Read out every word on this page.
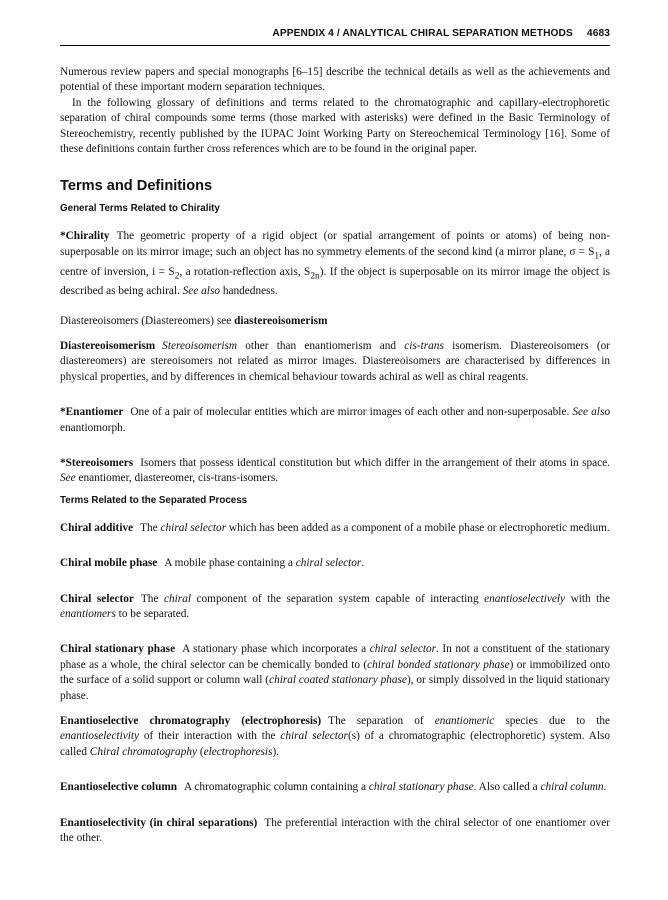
APPENDIX 4 / ANALYTICAL CHIRAL SEPARATION METHODS 4683

Numerous review papers and special monographs [6–15] describe the technical details as well as the achievements and potential of these important modern separation techniques.

In the following glossary of definitions and terms related to the chromatographic and capillary-electrophoretic separation of chiral compounds some terms (those marked with asterisks) were defined in the Basic Terminology of Stereochemistry, recently published by the IUPAC Joint Working Party on Stereochemical Terminology [16]. Some of these definitions contain further cross references which are to be found in the original paper.

Terms and Definitions
General Terms Related to Chirality

*Chirality The geometric property of a rigid object (or spatial arrangement of points or atoms) of being non-superposable on its mirror image; such an object has no symmetry elements of the second kind (a mirror plane, $\sigma = S_1$, a centre of inversion, $i = S_2$, a rotation-reflection axis, $S_{2n}$). If the object is superposable on its mirror image the object is described as being achiral. See also handedness.

Diastereoisomers (Diastereomers) see diastereoisomerism

Diastereoisomerism Stereoisomerism other than enantiomerism and cis-trans isomerism. Diastereoisomers (or diastereomers) are stereoisomers not related as mirror images. Diastereoisomers are characterised by differences in physical properties, and by differences in chemical behaviour towards achiral as well as chiral reagents.

*Enantiomer One of a pair of molecular entities which are mirror images of each other and non-superposable. See also enantiomorph.

*Stereoisomers Isomers that possess identical constitution but which differ in the arrangement of their atoms in space. See enantiomer, diastereomer, cis-trans-isomers.

Terms Related to the Separated Process

Chiral additive The chiral selector which has been added as a component of a mobile phase or electrophoretic medium.

Chiral mobile phase A mobile phase containing a chiral selector.

Chiral selector The chiral component of the separation system capable of interacting enantioselectively with the enantiomers to be separated.

Chiral stationary phase A stationary phase which incorporates a chiral selector. In not a constituent of the stationary phase as a whole, the chiral selector can be chemically bonded to (chiral bonded stationary phase) or immobilized onto the surface of a solid support or column wall (chiral coated stationary phase), or simply dissolved in the liquid stationary phase.

Enantioselective chromatography (electrophoresis) The separation of enantiomeric species due to the enantioselectivity of their interaction with the chiral selector(s) of a chromatographic (electrophoretic) system. Also called Chiral chromatography (electrophoresis).

Enantioselective column A chromatographic column containing a chiral stationary phase. Also called a chiral column.

Enantioselectivity (in chiral separations) The preferential interaction with the chiral selector of one enantiomer over the other.
